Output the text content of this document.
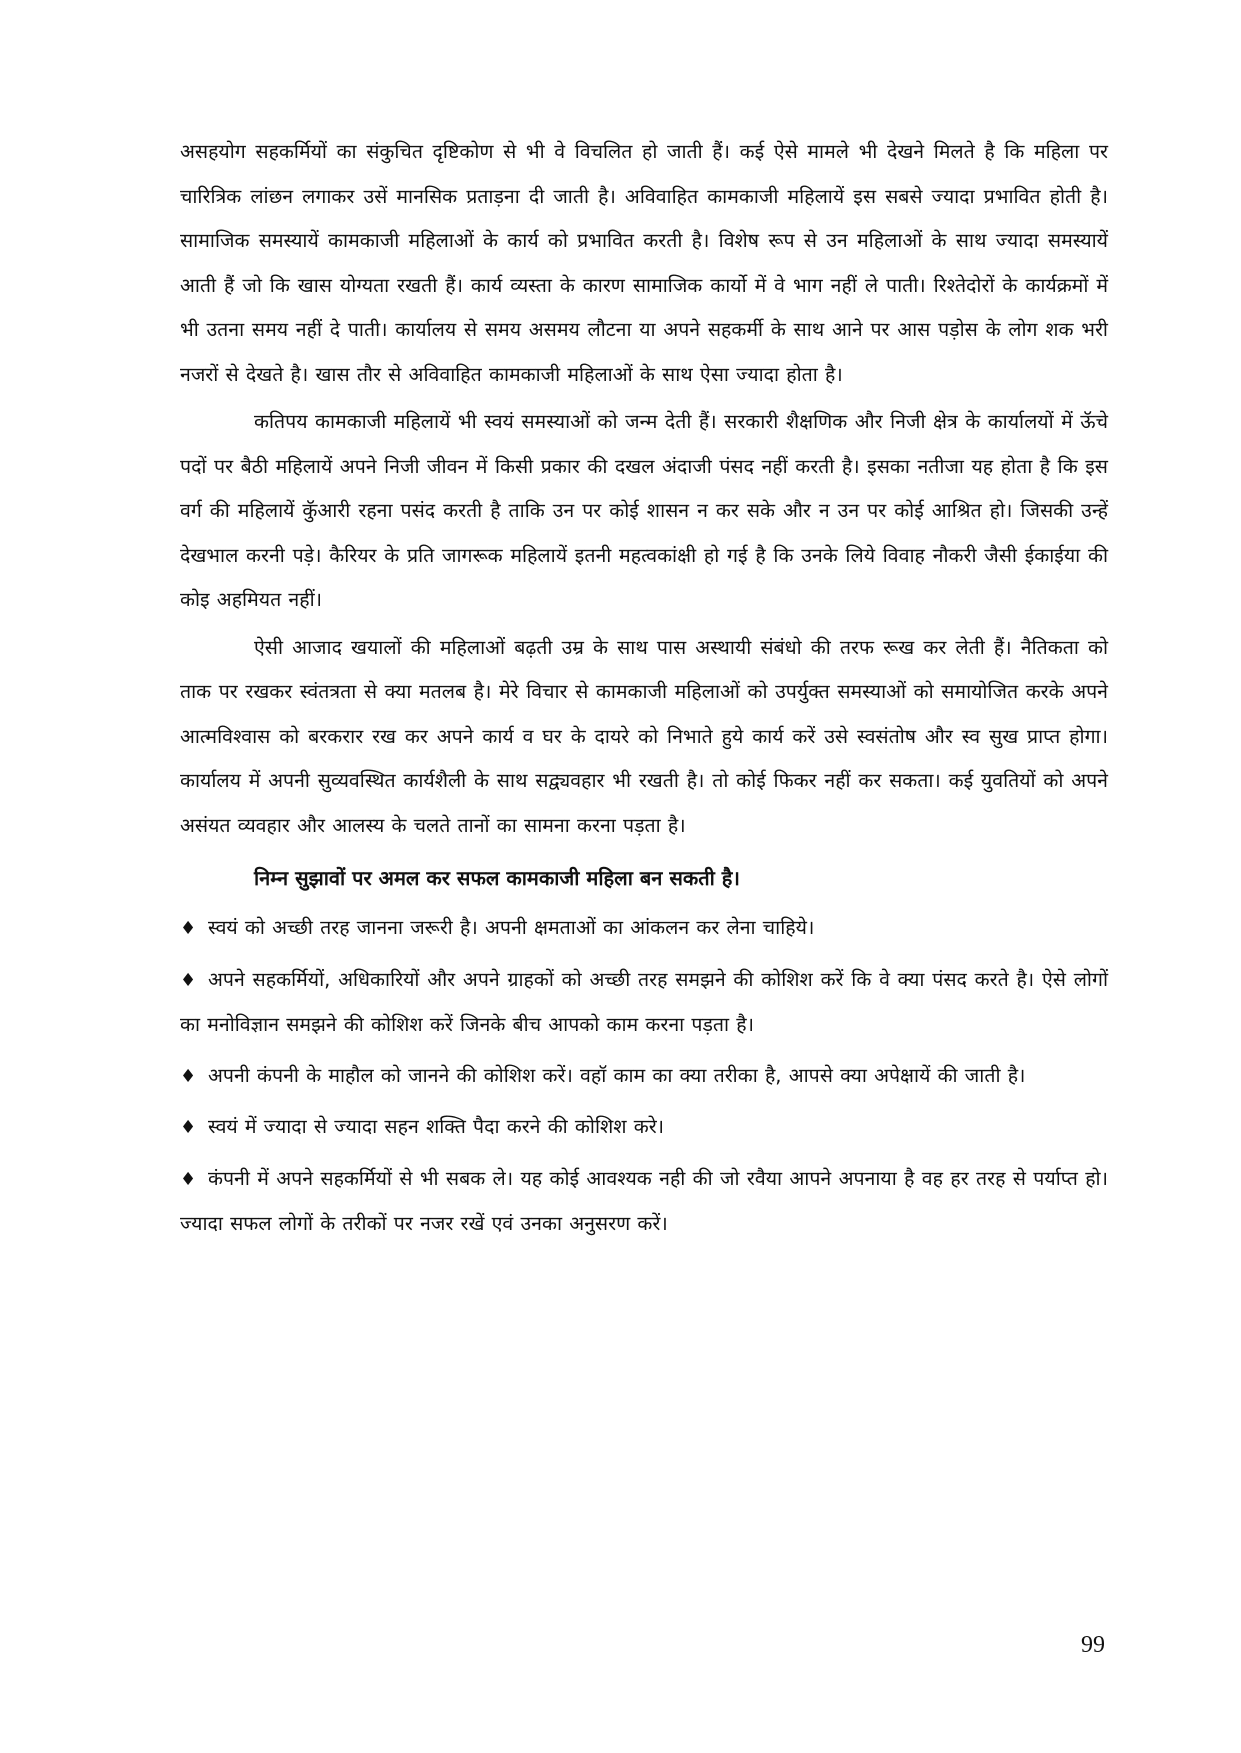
असहयोग सहकर्मियों का संकुचित दृष्टिकोण से भी वे विचलित हो जाती हैं। कई ऐसे मामले भी देखने मिलते है कि महिला पर चारित्रिक लांछन लगाकर उसें मानसिक प्रताड़ना दी जाती है। अविवाहित कामकाजी महिलायें इस सबसे ज्यादा प्रभावित होती है। सामाजिक समस्यायें कामकाजी महिलाओं के कार्य को प्रभावित करती है। विशेष रूप से उन महिलाओं के साथ ज्यादा समस्यायें आती हैं जो कि खास योग्यता रखती हैं। कार्य व्यस्ता के कारण सामाजिक कार्यो में वे भाग नहीं ले पाती। रिश्तेदोरों के कार्यक्रमों में भी उतना समय नहीं दे पाती। कार्यालय से समय असमय लौटना या अपने सहकर्मी के साथ आने पर आस पड़ोस के लोग शक भरी नजरों से देखते है। खास तौर से अविवाहित कामकाजी महिलाओं के साथ ऐसा ज्यादा होता है।

कतिपय कामकाजी महिलायें भी स्वयं समस्याओं को जन्म देती हैं। सरकारी शैक्षणिक और निजी क्षेत्र के कार्यालयों में ऊॅचे पदों पर बैठी महिलायें अपने निजी जीवन में किसी प्रकार की दखल अंदाजी पंसद नहीं करती है। इसका नतीजा यह होता है कि इस वर्ग की महिलायें कुॅआरी रहना पसंद करती है ताकि उन पर कोई शासन न कर सके और न उन पर कोई आश्रित हो। जिसकी उन्हें देखभाल करनी पड़े। कैरियर के प्रति जागरूक महिलायें इतनी महत्वकांक्षी हो गई है कि उनके लिये विवाह नौकरी जैसी ईकाईया की कोइ अहमियत नहीं।

ऐसी आजाद खयालों की महिलाओं बढ़ती उम्र के साथ पास अस्थायी संबंधो की तरफ रूख कर लेती हैं। नैतिकता को ताक पर रखकर स्वंतत्रता से क्या मतलब है। मेरे विचार से कामकाजी महिलाओं को उपर्युक्त समस्याओं को समायोजित करके अपने आत्मविश्वास को बरकरार रख कर अपने कार्य व घर के दायरे को निभाते हुये कार्य करें उसे स्वसंतोष और स्व सुख प्राप्त होगा। कार्यालय में अपनी सुव्यवस्थित कार्यशैली के साथ सद्व्यवहार भी रखती है। तो कोई फिकर नहीं कर सकता। कई युवतियों को अपने असंयत व्यवहार और आलस्य के चलते तानों का सामना करना पड़ता है।

निम्न सुझावों पर अमल कर सफल कामकाजी महिला बन सकती है।

♦ स्वयं को अच्छी तरह जानना जरूरी है। अपनी क्षमताओं का आंकलन कर लेना चाहिये।

♦ अपने सहकर्मियों, अधिकारियों और अपने ग्राहकों को अच्छी तरह समझने की कोशिश करें कि वे क्या पंसद करते है। ऐसे लोगों का मनोविज्ञान समझने की कोशिश करें जिनके बीच आपको काम करना पड़ता है।

♦ अपनी कंपनी के माहौल को जानने की कोशिश करें। वहॉ काम का क्या तरीका है, आपसे क्या अपेक्षायें की जाती है।

♦ स्वयं में ज्यादा से ज्यादा सहन शक्ति पैदा करने की कोशिश करे।

♦ कंपनी में अपने सहकर्मियों से भी सबक ले। यह कोई आवश्यक नही की जो रवैया आपने अपनाया है वह हर तरह से पर्याप्त हो। ज्यादा सफल लोगों के तरीकों पर नजर रखें एवं उनका अनुसरण करें।

99
